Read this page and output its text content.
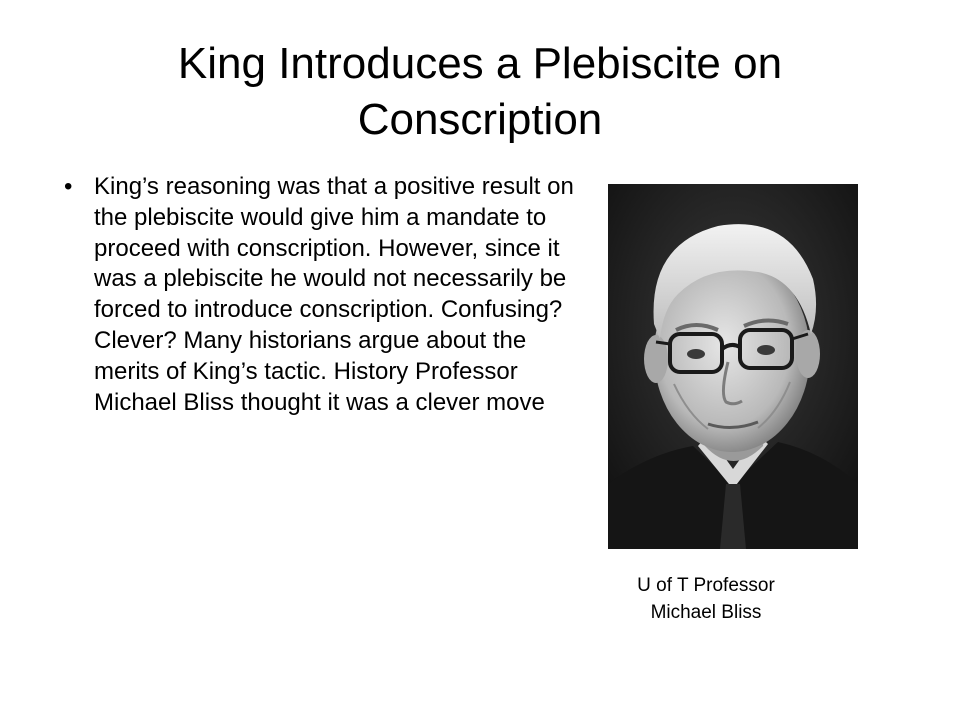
King Introduces a Plebiscite on Conscription
• King’s reasoning was that a positive result on the plebiscite would give him a mandate to proceed with conscription. However, since it was a plebiscite he would not necessarily be forced to introduce conscription. Confusing? Clever? Many historians argue about the merits of King’s tactic. History Professor Michael Bliss thought it was a clever move
U of T Professor
Michael Bliss
